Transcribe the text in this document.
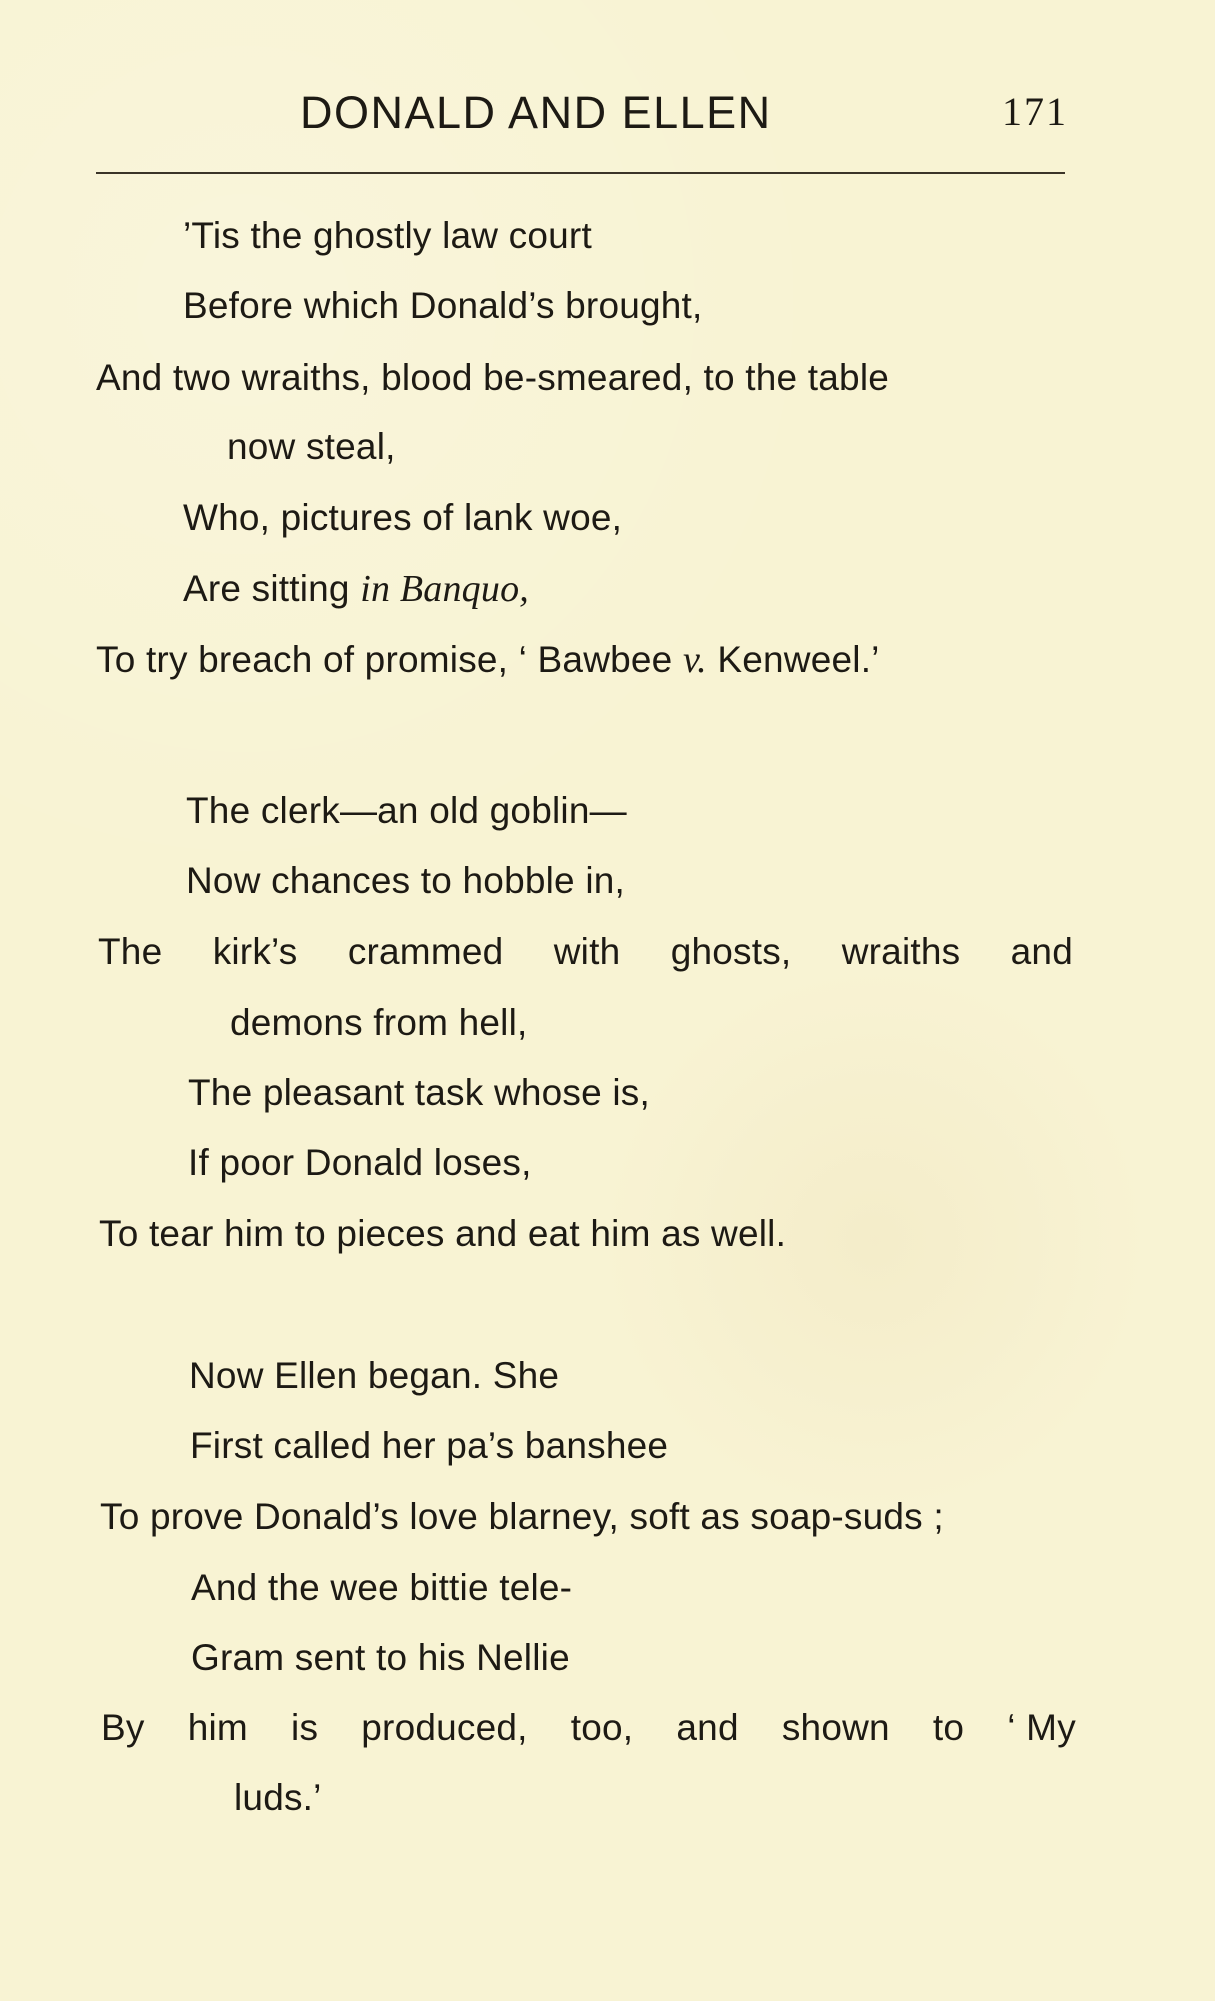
DONALD AND ELLEN	171
’Tis the ghostly law court
Before which Donald’s brought,
And two wraiths, blood be-smeared, to the table
now steal,
Who, pictures of lank woe,
Are sitting in Banquo,
To try breach of promise, ‘ Bawbee v. Kenweel.’
The clerk—an old goblin—
Now chances to hobble in,
The kirk’s crammed with ghosts, wraiths and
demons from hell,
The pleasant task whose is,
If poor Donald loses,
To tear him to pieces and eat him as well.
Now Ellen began. She
First called her pa’s banshee
To prove Donald’s love blarney, soft as soap-suds ;
And the wee bittie tele-
Gram sent to his Nellie
By him is produced, too, and shown to ‘ My
luds.’
